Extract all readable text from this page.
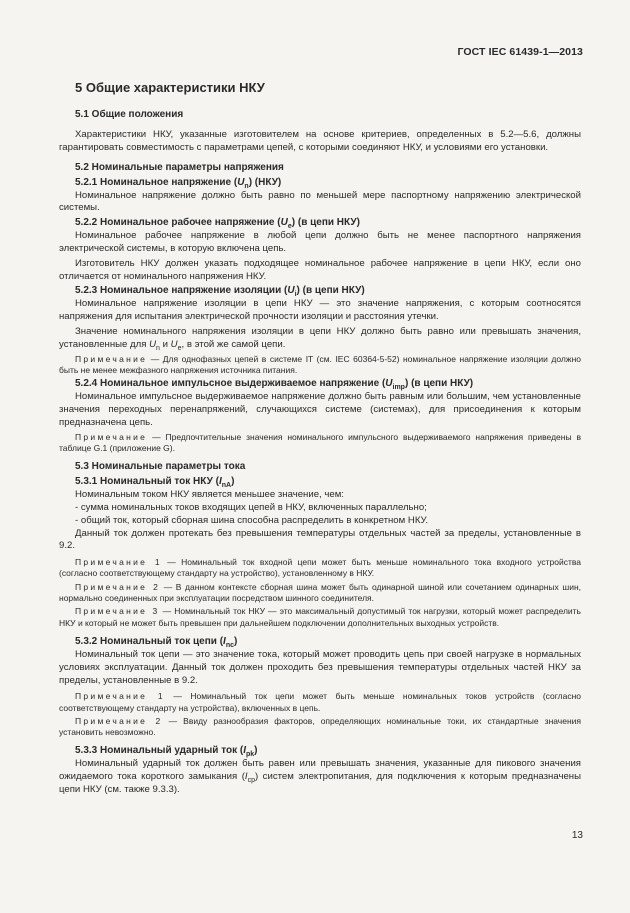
ГОСТ IEC 61439-1—2013
5 Общие характеристики НКУ
5.1 Общие положения

Характеристики НКУ, указанные изготовителем на основе критериев, определенных в 5.2—5.6, должны гарантировать совместимость с параметрами цепей, с которыми соединяют НКУ, и условиями его установки.

5.2 Номинальные параметры напряжения
5.2.1 Номинальное напряжение $(U_n)$ (НКУ)

Номинальное напряжение должно быть равно по меньшей мере паспортному напряжению электрической системы.

5.2.2 Номинальное рабочее напряжение $(U_e)$ (в цепи НКУ)

Номинальное рабочее напряжение в любой цепи должно быть не менее паспортного напряжения электрической системы, в которую включена цепь.

Изготовитель НКУ должен указать подходящее номинальное рабочее напряжение в цепи НКУ, если оно отличается от номинального напряжения НКУ.

5.2.3 Номинальное напряжение изоляции $(U_i)$ (в цепи НКУ)

Номинальное напряжение изоляции в цепи НКУ — это значение напряжения, с которым соотносятся напряжения для испытания электрической прочности изоляции и расстояния утечки.

Значение номинального напряжения изоляции в цепи НКУ должно быть равно или превышать значения, установленные для $U_n$ и $U_e$, в этой же самой цепи.

Примечание — Для однофазных цепей в системе IT (см. IEC 60364-5-52) номинальное напряжение изоляции должно быть не менее межфазного напряжения источника питания.

5.2.4 Номинальное импульсное выдерживаемое напряжение $(U_{imp})$ (в цепи НКУ)

Номинальное импульсное выдерживаемое напряжение должно быть равным или большим, чем установленные значения переходных перенапряжений, случающихся системе (системах), для присоединения к которым предназначена цепь.

Примечание — Предпочтительные значения номинального импульсного выдерживаемого напряжения приведены в таблице G.1 (приложение G).

5.3 Номинальные параметры тока
5.3.1 Номинальный ток НКУ $(I_{nA})$

Номинальным током НКУ является меньшее значение, чем:

- сумма номинальных токов входящих цепей в НКУ, включенных параллельно;

- общий ток, который сборная шина способна распределить в конкретном НКУ.

Данный ток должен протекать без превышения температуры отдельных частей за пределы, установленные в 9.2.

Примечание 1 — Номинальный ток входной цепи может быть меньше номинального тока входного устройства (согласно соответствующему стандарту на устройство), установленному в НКУ.

Примечание 2 — В данном контексте сборная шина может быть одинарной шиной или сочетанием одинарных шин, нормально соединенных при эксплуатации посредством шинного соединителя.

Примечание 3 — Номинальный ток НКУ — это максимальный допустимый ток нагрузки, который может распределить НКУ и который не может быть превышен при дальнейшем подключении дополнительных выходных устройств.

5.3.2 Номинальный ток цепи $(I_{nc})$

Номинальный ток цепи — это значение тока, который может проводить цепь при своей нагрузке в нормальных условиях эксплуатации. Данный ток должен проходить без превышения температуры отдельных частей НКУ за пределы, установленные в 9.2.

Примечание 1 — Номинальный ток цепи может быть меньше номинальных токов устройств (согласно соответствующему стандарту на устройства), включенных в цепь.

Примечание 2 — Ввиду разнообразия факторов, определяющих номинальные токи, их стандартные значения установить невозможно.

5.3.3 Номинальный ударный ток $(I_{pk})$

Номинальный ударный ток должен быть равен или превышать значения, указанные для пикового значения ожидаемого тока короткого замыкания $(I_{cp})$ систем электропитания, для подключения к которым предназначены цепи НКУ (см. также 9.3.3).

13
